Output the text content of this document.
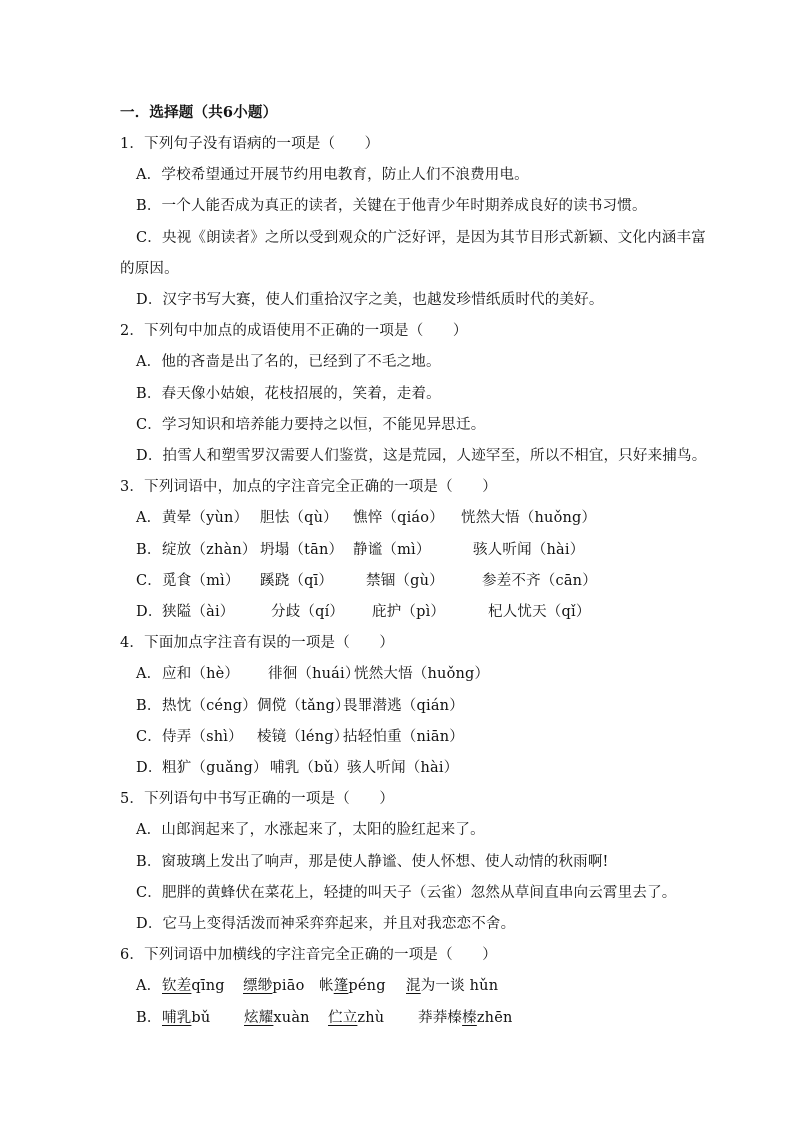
一．选择题（共6小题）
1．下列句子没有语病的一项是（　　）
A．学校希望通过开展节约用电教育，防止人们不浪费用电。
B．一个人能否成为真正的读者，关键在于他青少年时期养成良好的读书习惯。
C．央视《朗读者》之所以受到观众的广泛好评，是因为其节目形式新颖、文化内涵丰富
的原因。
D．汉字书写大赛，使人们重拾汉字之美，也越发珍惜纸质时代的美好。
2．下列句中加点的成语使用不正确的一项是（　　）
A．他的吝啬是出了名的，已经到了不毛之地。
B．春天像小姑娘，花枝招展的，笑着，走着。
C．学习知识和培养能力要持之以恒，不能见异思迁。
D．拍雪人和塑雪罗汉需要人们鉴赏，这是荒园，人迹罕至，所以不相宜，只好来捕鸟。
3．下列词语中，加点的字注音完全正确的一项是（　　）
A．黄晕（yùn） 胆怯（qù） 憔悴（qiáo） 恍然大悟（huǒng）
B．绽放（zhàn） 坍塌（tān） 静谧（mì）	骇人听闻（hài）
C．觅食（mì） 蹊跷（qī） 禁锢（gù）	参差不齐（cān）
D．狭隘（ài）	分歧（qí） 庇护（pì）	杞人忧天（qǐ）
4．下面加点字注音有误的一项是（　　）
A．应和（hè） 徘徊（huái）恍然大悟（huǒng）
B．热忱（céng）倜傥（tǎng）畏罪潜逃（qián）
C．侍弄（shì） 棱镜（léng）拈轻怕重（niān）
D．粗犷（guǎng） 哺乳（bǔ）骇人听闻（hài）
5．下列语句中书写正确的一项是（　　）
A．山郎润起来了，水涨起来了，太阳的脸红起来了。
B．窗玻璃上发出了响声，那是使人静谧、使人怀想、使人动情的秋雨啊!
C．肥胖的黄蜂伏在菜花上，轻捷的叫天子（云雀）忽然从草间直串向云霄里去了。
D．它马上变得活泼而神采弈弈起来，并且对我恋恋不舍。
6．下列词语中加横线的字注音完全正确的一项是（　　）
A．钦差qīng 缥缈piāo 帐篷péng 混为一谈 hǔn
B．哺乳bǔ 炫耀xuàn 伫立zhù 莽莽榛榛zhēn
